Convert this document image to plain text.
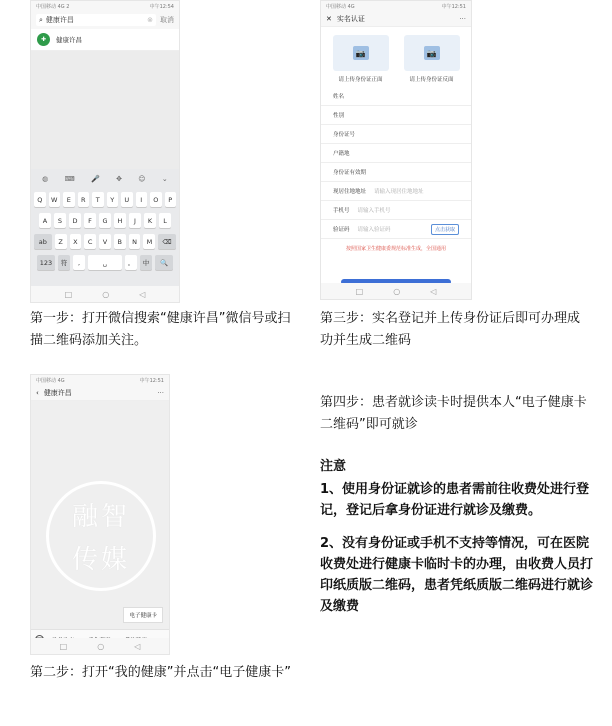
中国移动 4G 2	中午12:54
⌕ 健康许昌	⊗ 取消
✚	健康许昌
◍ ⌨ 🎤 ✥ ☺ ⌄
Q	W	E	R	T	Y	U	I	O	P
A	S	D	F	G	H	J	K	L
ab	Z	X	C	V	B	N	M	⌫
123	符	,	␣	。	中	🔍
□	○	◁
中国移动 4G	中午12:51
✕ 实名认证	···
📷
请上传身份证正面
📷
请上传身份证反面
姓名
性别
身份证号
户籍地
身份证有效期
现居住地地址 请输入现居住地地址
手机号 请输入手机号
验证码 请输入验证码	点击获取
按照国家卫生健康委规范标准生成，全国通用
□	○	◁
中国移动 4G	中午12:51
‹ 健康许昌	···
融智
传媒
电子健康卡
□	○	◁
第一步：打开微信搜索“健康许昌”微信号或扫描二维码添加关注。
第三步：实名登记并上传身份证后即可办理成功并生成二维码
第二步：打开“我的健康”并点击“电子健康卡”
第四步：患者就诊读卡时提供本人“电子健康卡二维码”即可就诊

注意

1、使用身份证就诊的患者需前往收费处进行登记，登记后拿身份证进行就诊及缴费。

2、没有身份证或手机不支持等情况，可在医院收费处进行健康卡临时卡的办理，由收费人员打印纸质版二维码，患者凭纸质版二维码进行就诊及缴费
